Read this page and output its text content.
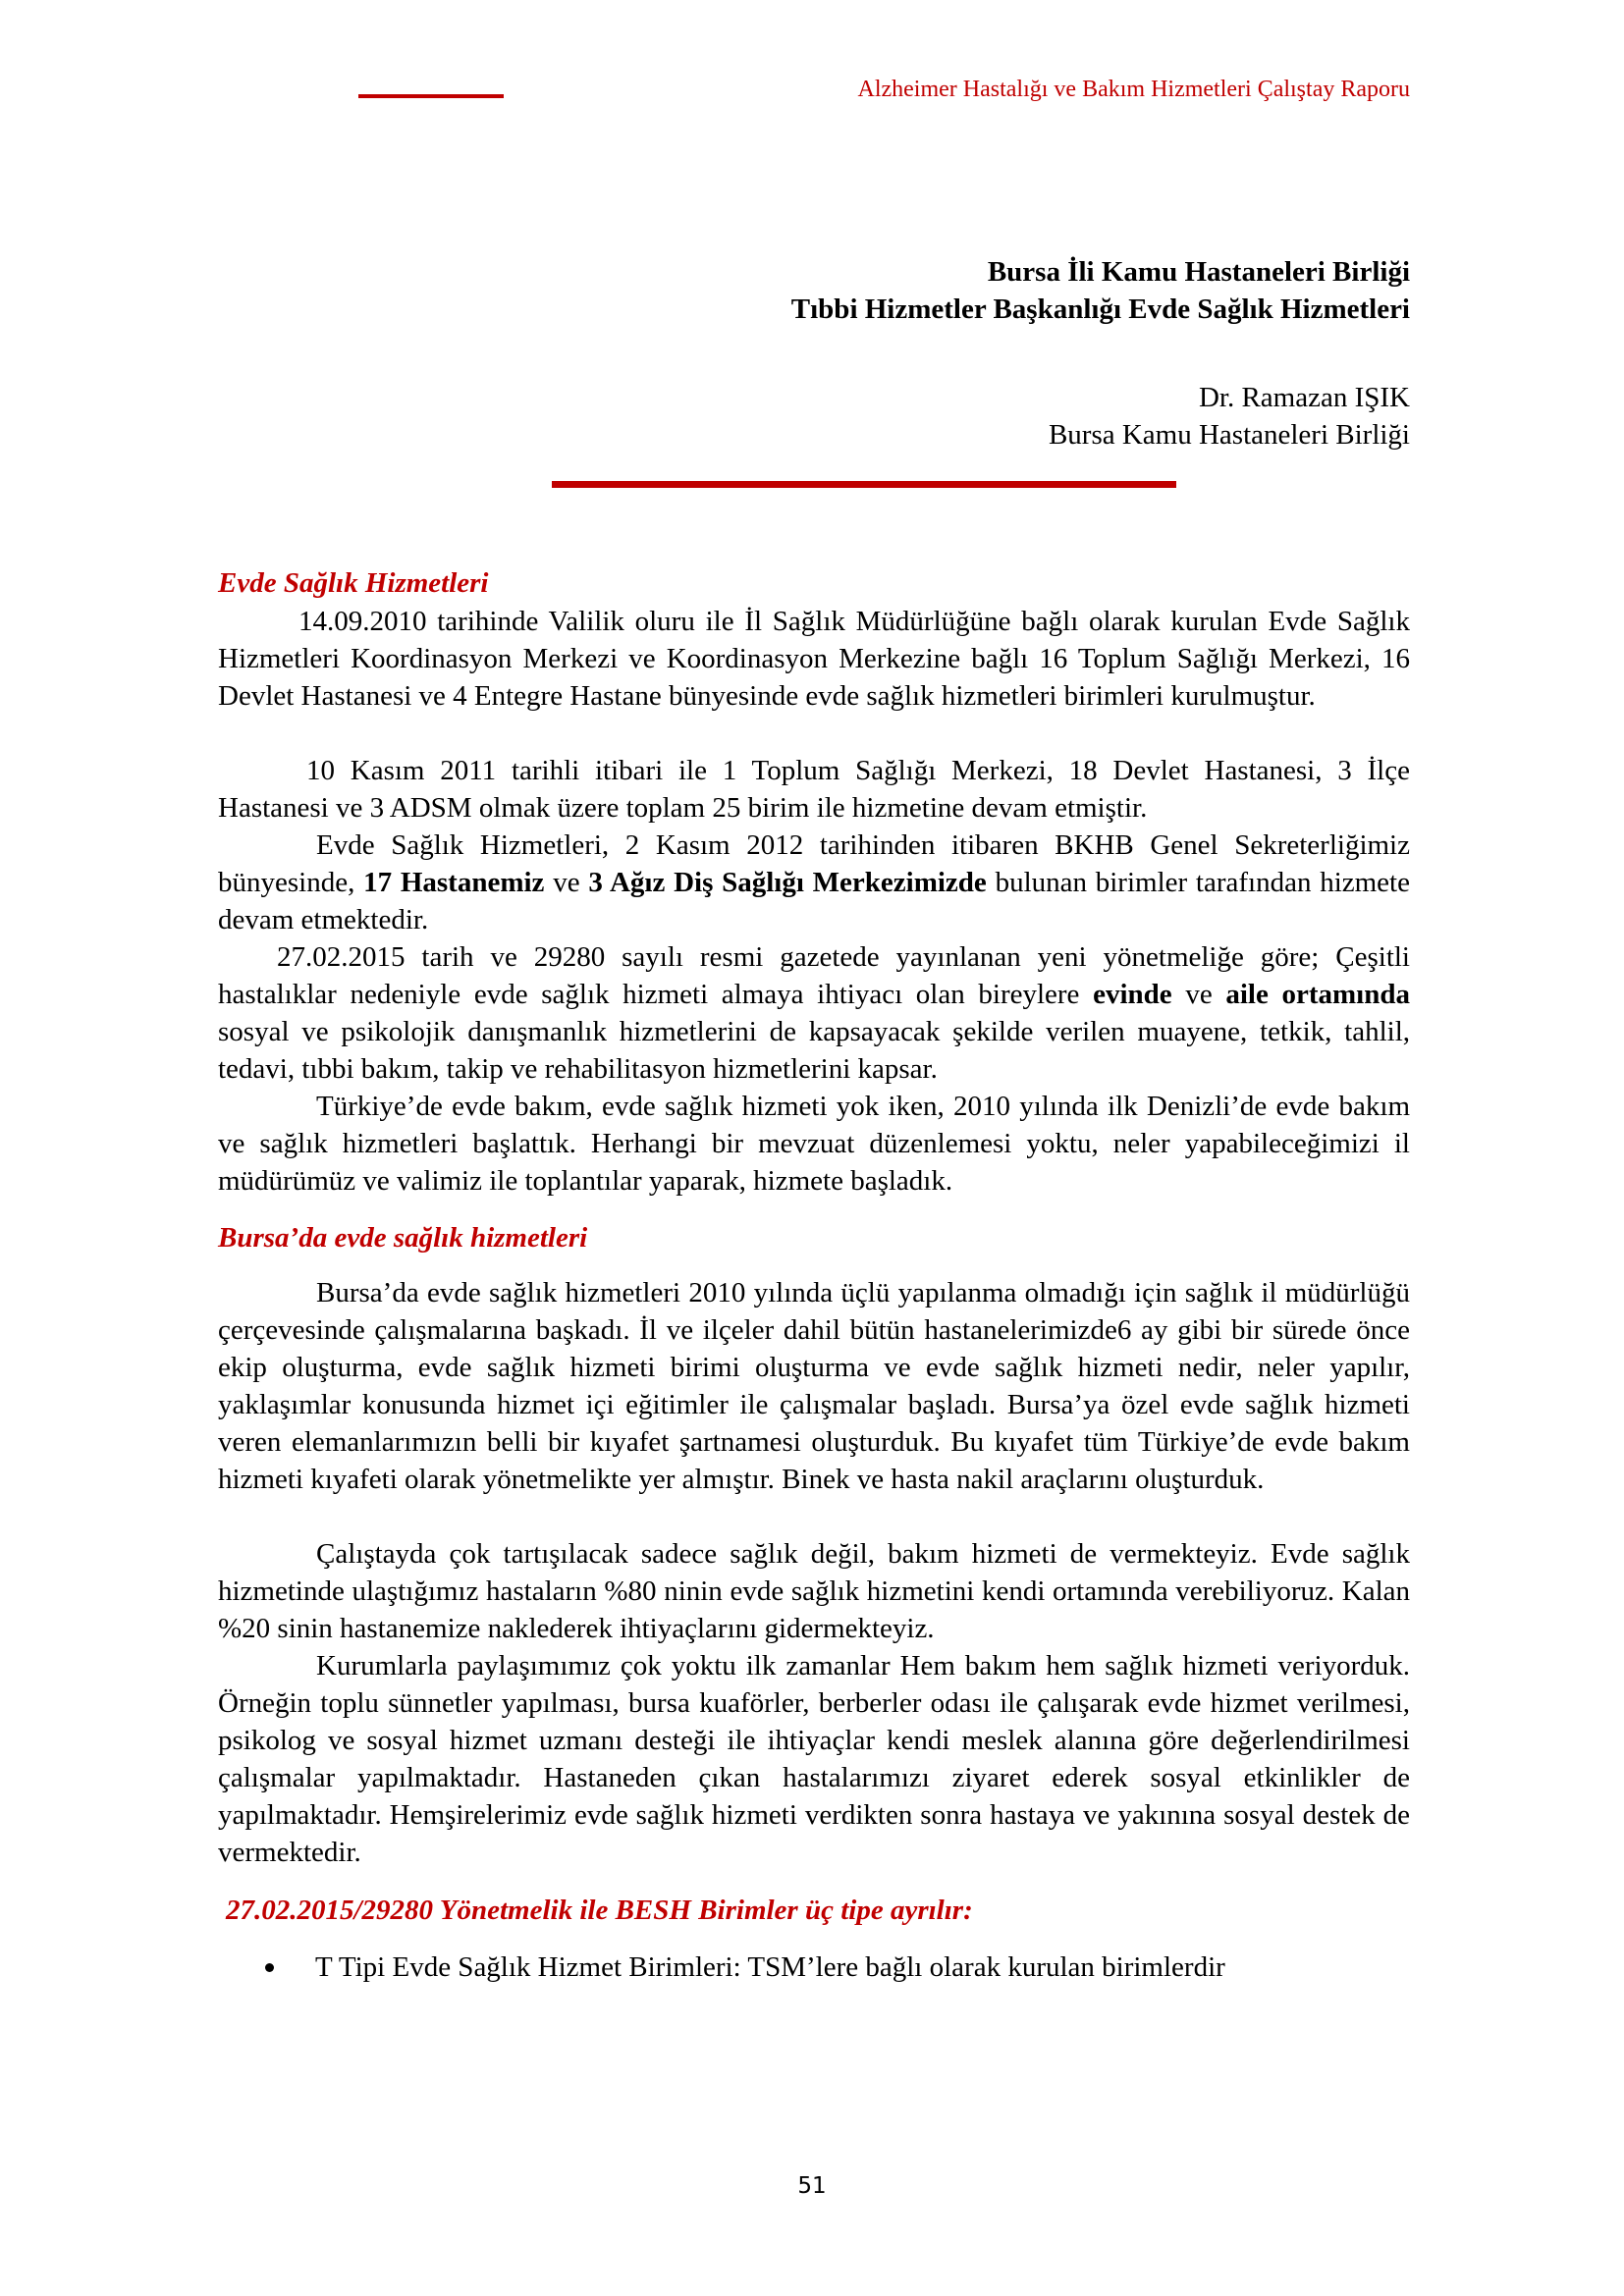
Alzheimer Hastalığı ve Bakım Hizmetleri Çalıştay Raporu
Bursa İli Kamu Hastaneleri Birliği
Tıbbi Hizmetler Başkanlığı Evde Sağlık Hizmetleri
Dr. Ramazan IŞIK
Bursa Kamu Hastaneleri Birliği
Evde Sağlık Hizmetleri

14.09.2010 tarihinde Valilik oluru ile İl Sağlık Müdürlüğüne bağlı olarak kurulan Evde Sağlık Hizmetleri Koordinasyon Merkezi ve Koordinasyon Merkezine bağlı 16 Toplum Sağlığı Merkezi, 16 Devlet Hastanesi ve 4 Entegre Hastane bünyesinde evde sağlık hizmetleri birimleri kurulmuştur.

10 Kasım 2011 tarihli itibari ile 1 Toplum Sağlığı Merkezi, 18 Devlet Hastanesi, 3 İlçe Hastanesi ve 3 ADSM olmak üzere toplam 25 birim ile hizmetine devam etmiştir.

Evde Sağlık Hizmetleri, 2 Kasım 2012 tarihinden itibaren BKHB Genel Sekreterliğimiz bünyesinde, 17 Hastanemiz ve 3 Ağız Diş Sağlığı Merkezimizde bulunan birimler tarafından hizmete devam etmektedir.

27.02.2015 tarih ve 29280 sayılı resmi gazetede yayınlanan yeni yönetmeliğe göre; Çeşitli hastalıklar nedeniyle evde sağlık hizmeti almaya ihtiyacı olan bireylere evinde ve aile ortamında sosyal ve psikolojik danışmanlık hizmetlerini de kapsayacak şekilde verilen muayene, tetkik, tahlil, tedavi, tıbbi bakım, takip ve rehabilitasyon hizmetlerini kapsar.

Türkiye’de evde bakım, evde sağlık hizmeti yok iken, 2010 yılında ilk Denizli’de evde bakım ve sağlık hizmetleri başlattık. Herhangi bir mevzuat düzenlemesi yoktu, neler yapabileceğimizi il müdürümüz ve valimiz ile toplantılar yaparak, hizmete başladık.

Bursa’da evde sağlık hizmetleri

Bursa’da evde sağlık hizmetleri 2010 yılında üçlü yapılanma olmadığı için sağlık il müdürlüğü çerçevesinde çalışmalarına başkadı. İl ve ilçeler dahil bütün hastanelerimizde6 ay gibi bir sürede önce ekip oluşturma, evde sağlık hizmeti birimi oluşturma ve evde sağlık hizmeti nedir, neler yapılır, yaklaşımlar konusunda hizmet içi eğitimler ile çalışmalar başladı. Bursa’ya özel evde sağlık hizmeti veren elemanlarımızın belli bir kıyafet şartnamesi oluşturduk. Bu kıyafet tüm Türkiye’de evde bakım hizmeti kıyafeti olarak yönetmelikte yer almıştır. Binek ve hasta nakil araçlarını oluşturduk.

Çalıştayda çok tartışılacak sadece sağlık değil, bakım hizmeti de vermekteyiz. Evde sağlık hizmetinde ulaştığımız hastaların %80 ninin evde sağlık hizmetini kendi ortamında verebiliyoruz. Kalan %20 sinin hastanemize naklederek ihtiyaçlarını gidermekteyiz.

Kurumlarla paylaşımımız çok yoktu ilk zamanlar Hem bakım hem sağlık hizmeti veriyorduk. Örneğin toplu sünnetler yapılması, bursa kuaförler, berberler odası ile çalışarak evde hizmet verilmesi, psikolog ve sosyal hizmet uzmanı desteği ile ihtiyaçlar kendi meslek alanına göre değerlendirilmesi çalışmalar yapılmaktadır. Hastaneden çıkan hastalarımızı ziyaret ederek sosyal etkinlikler de yapılmaktadır. Hemşirelerimiz evde sağlık hizmeti verdikten sonra hastaya ve yakınına sosyal destek de vermektedir.

27.02.2015/29280 Yönetmelik ile BESH Birimler üç tipe ayrılır:
T Tipi Evde Sağlık Hizmet Birimleri: TSM’lere bağlı olarak kurulan birimlerdir
51
